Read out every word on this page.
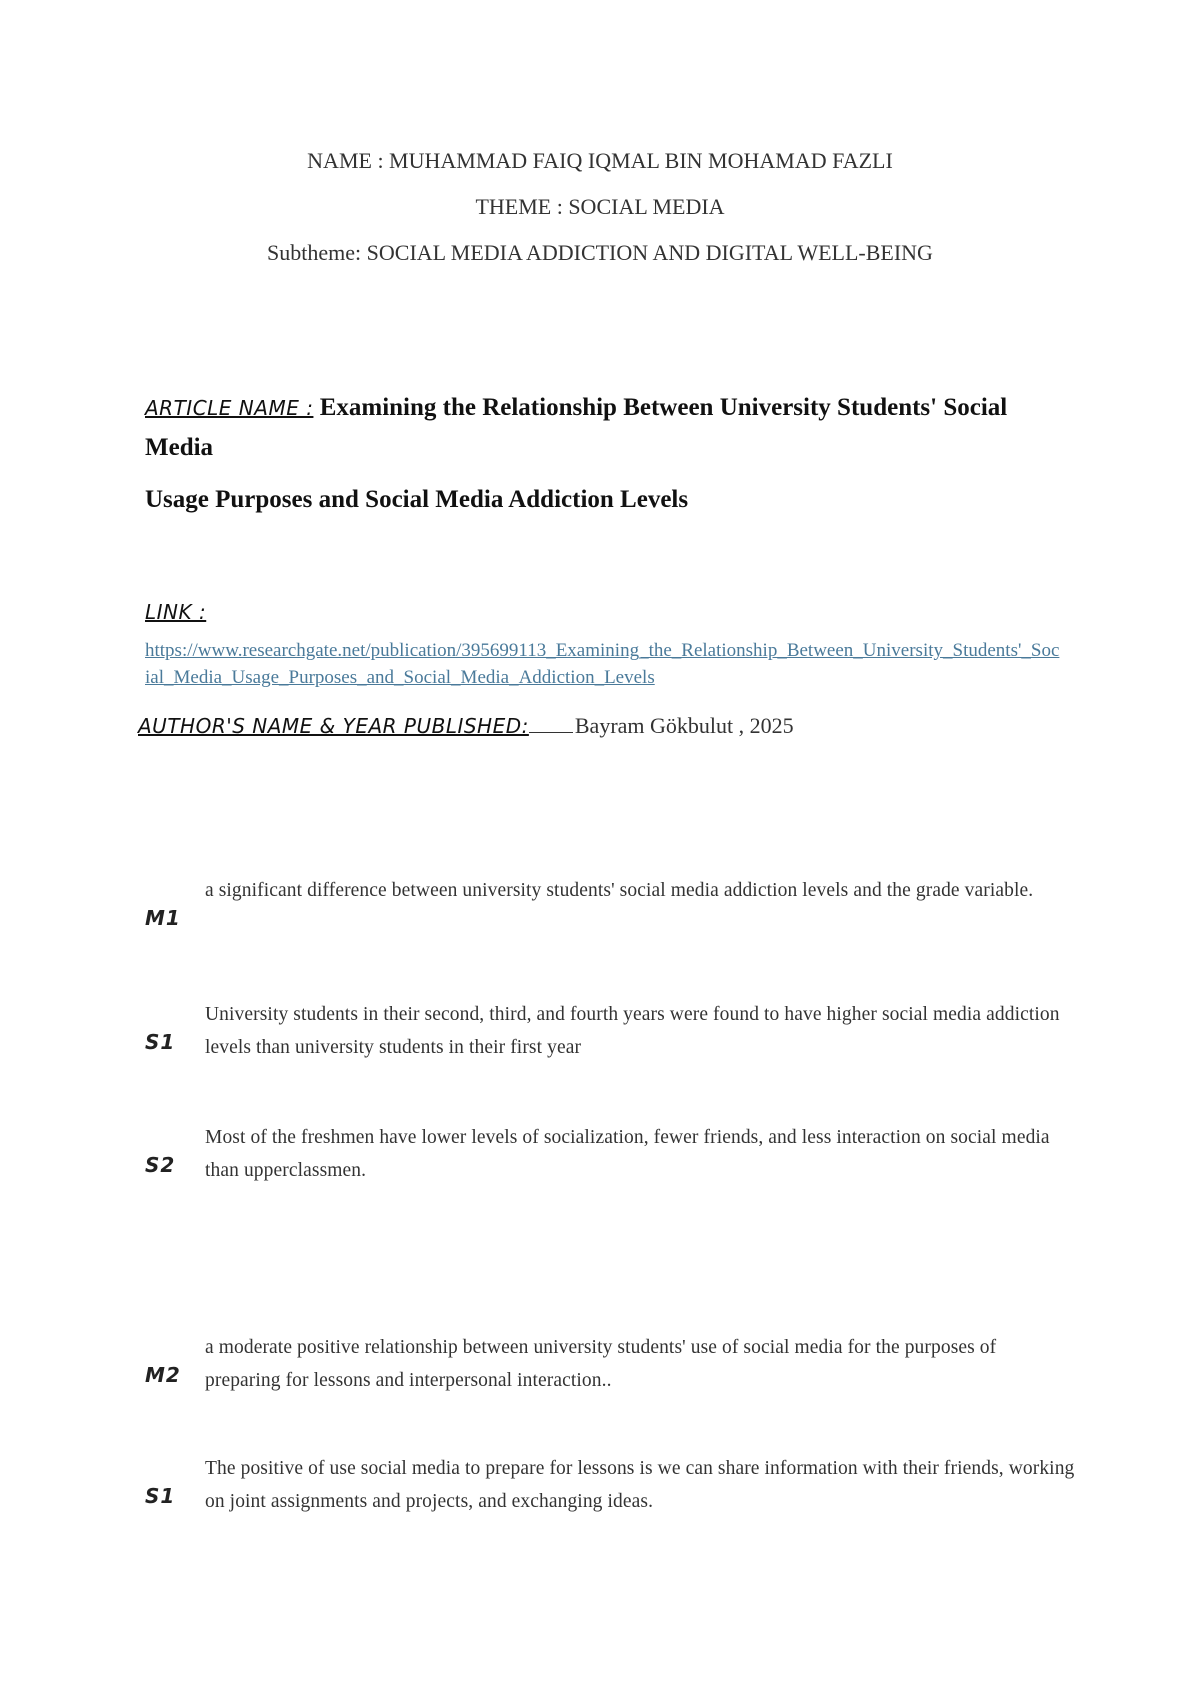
NAME : MUHAMMAD FAIQ IQMAL BIN MOHAMAD FAZLI
THEME : SOCIAL MEDIA
Subtheme: SOCIAL MEDIA ADDICTION AND DIGITAL WELL-BEING
ARTICLE NAME : Examining the Relationship Between University Students' Social Media
Usage Purposes and Social Media Addiction Levels
LINK :
https://www.researchgate.net/publication/395699113_Examining_the_Relationship_Between_University_Students'_Social_Media_Usage_Purposes_and_Social_Media_Addiction_Levels
AUTHOR'S NAME & YEAR PUBLISHED: Bayram Gökbulut , 2025
M1
a significant difference between university students' social media addiction levels and the grade variable.
S1
University students in their second, third, and fourth years were found to have higher social media addiction levels than university students in their first year
S2
Most of the freshmen have lower levels of socialization, fewer friends, and less interaction on social media than upperclassmen.
M2
a moderate positive relationship between university students' use of social media for the purposes of preparing for lessons and interpersonal interaction..
S1
The positive of use social media to prepare for lessons is we can share information with their friends, working on joint assignments and projects, and exchanging ideas.
